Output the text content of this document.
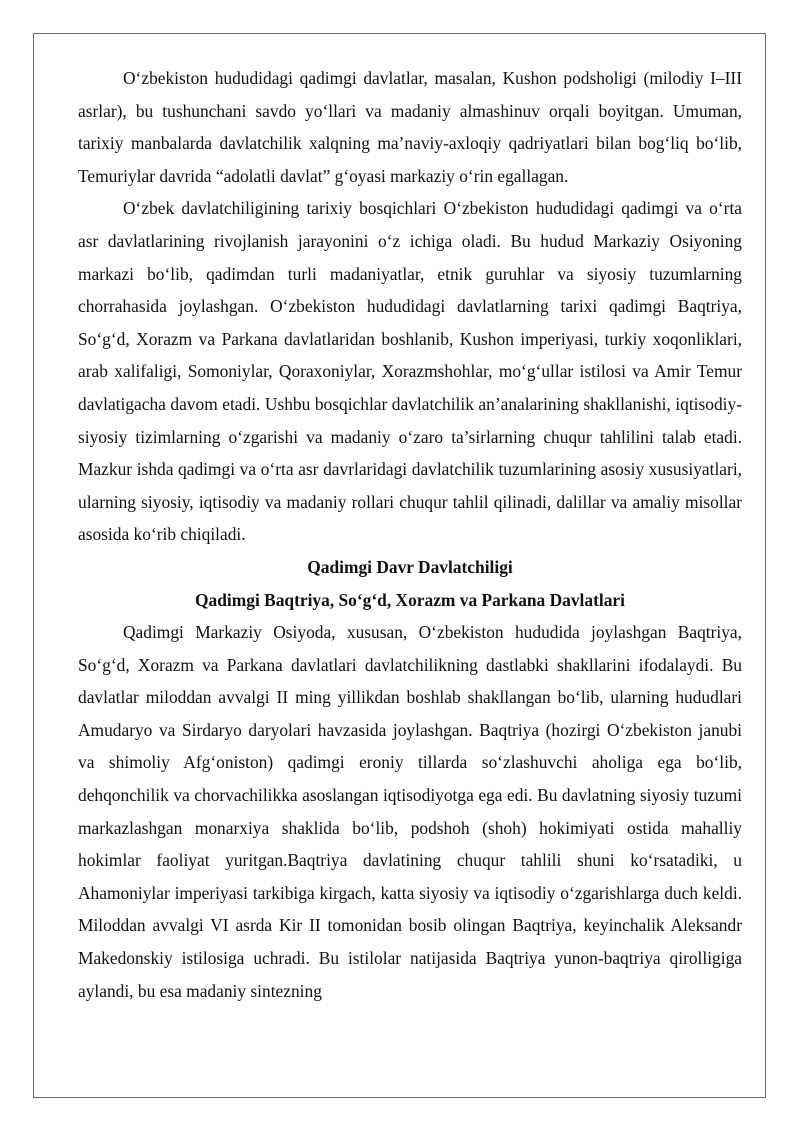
O‘zbekiston hududidagi qadimgi davlatlar, masalan, Kushon podsholigi (milodiy I–III asrlar), bu tushunchani savdo yo‘llari va madaniy almashinuv orqali boyitgan. Umuman, tarixiy manbalarda davlatchilik xalqning ma’naviy-axloqiy qadriyatlari bilan bog‘liq bo‘lib, Temuriylar davrida “adolatli davlat” g‘oyasi markaziy o‘rin egallagan.

O‘zbek davlatchiligining tarixiy bosqichlari O‘zbekiston hududidagi qadimgi va o‘rta asr davlatlarining rivojlanish jarayonini o‘z ichiga oladi. Bu hudud Markaziy Osiyoning markazi bo‘lib, qadimdan turli madaniyatlar, etnik guruhlar va siyosiy tuzumlarning chorrahasida joylashgan. O‘zbekiston hududidagi davlatlarning tarixi qadimgi Baqtriya, So‘g‘d, Xorazm va Parkana davlatlaridan boshlanib, Kushon imperiyasi, turkiy xoqonliklari, arab xalifaligi, Somoniylar, Qoraxoniylar, Xorazmshohlar, mo‘g‘ullar istilosi va Amir Temur davlatigacha davom etadi. Ushbu bosqichlar davlatchilik an’analarining shakllanishi, iqtisodiy-siyosiy tizimlarning o‘zgarishi va madaniy o‘zaro ta’sirlarning chuqur tahlilini talab etadi. Mazkur ishda qadimgi va o‘rta asr davrlaridagi davlatchilik tuzumlarining asosiy xususiyatlari, ularning siyosiy, iqtisodiy va madaniy rollari chuqur tahlil qilinadi, dalillar va amaliy misollar asosida ko‘rib chiqiladi.

Qadimgi Davr Davlatchiligi
Qadimgi Baqtriya, So‘g‘d, Xorazm va Parkana Davlatlari

Qadimgi Markaziy Osiyoda, xususan, O‘zbekiston hududida joylashgan Baqtriya, So‘g‘d, Xorazm va Parkana davlatlari davlatchilikning dastlabki shakllarini ifodalaydi. Bu davlatlar miloddan avvalgi II ming yillikdan boshlab shakllangan bo‘lib, ularning hududlari Amudaryo va Sirdaryo daryolari havzasida joylashgan. Baqtriya (hozirgi O‘zbekiston janubi va shimoliy Afg‘oniston) qadimgi eroniy tillarda so‘zlashuvchi aholiga ega bo‘lib, dehqonchilik va chorvachilikka asoslangan iqtisodiyotga ega edi. Bu davlatning siyosiy tuzumi markazlashgan monarxiya shaklida bo‘lib, podshoh (shoh) hokimiyati ostida mahalliy hokimlar faoliyat yuritgan.Baqtriya davlatining chuqur tahlili shuni ko‘rsatadiki, u Ahamoniylar imperiyasi tarkibiga kirgach, katta siyosiy va iqtisodiy o‘zgarishlarga duch keldi. Miloddan avvalgi VI asrda Kir II tomonidan bosib olingan Baqtriya, keyinchalik Aleksandr Makedonskiy istilosiga uchradi. Bu istilolar natijasida Baqtriya yunon-baqtriya qirolligiga aylandi, bu esa madaniy sintezning
